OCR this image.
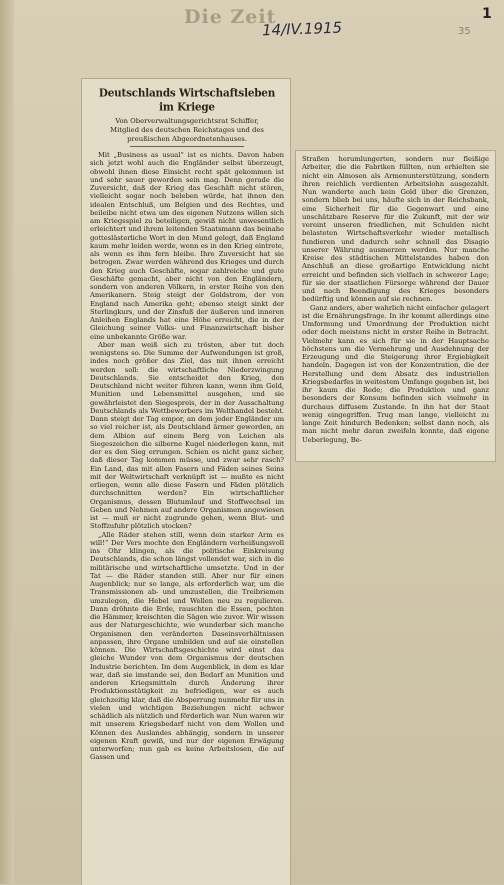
Die Zeit
14/IV.1915
1
35
Deutschlands Wirtschaftsleben im Kriege
Von Oberverwaltungsgerichtsrat Schiffer,
Mitglied des deutschen Reichstages und des preußischen Abgeordnetenhauses.

Mit „Business as usual“ ist es nichts. Davon haben sich jetzt wohl auch die Engländer selbst überzeugt, obwohl ihnen diese Einsicht recht spät gekommen ist und sehr sauer geworden sein mag. Denn gerade die Zuversicht, daß der Krieg das Geschäft nicht stören, vielleicht sogar noch beleben würde, hat ihnen den idealen Entschluß, um Belgien und des Rechtes, und beileibe nicht etwa um des eigenen Nutzens willen sich am Kriegsspiel zu beteiligen, gewiß nicht unwesentlich erleichtert und ihrem leitenden Staatsmann das beinahe gotteslästerliche Wort in den Mund gelegt, daß England kaum mehr leiden werde, wenn es in den Krieg eintrete, als wenn es ihm fern bleibe. Ihre Zuversicht hat sie betrogen. Zwar werden während des Krieges und durch den Krieg auch Geschäfte, sogar zahlreiche und gute Geschäfte gemacht, aber nicht von den Engländern, sondern von anderen Völkern, in erster Reihe von den Amerikanern. Steig steigt der Goldstrom, der von England nach Amerika geht; ebenso steigt sinkt der Sterlingkurs, und der Zinsfuß der äußeren und inneren Anleihen Englands hat eine Höhe erreicht, die in der Gleichung seiner Volks- und Finanzwirtschaft bisher eine unbekannte Größe war.

Aber man weiß sich zu trösten, aber tut doch wenigstens so. Die Summe der Aufwendungen ist groß, indes noch größer das Ziel, das mit ihnen erreicht werden soll: die wirtschaftliche Niederzwingung Deutschlands. Sie entscheidet den Krieg, den Deutschland nicht weiter führen kann, wenn ihm Geld, Munition und Lebensmittel ausgehen, und sie gewährleistet den Siegespreis, der in der Ausschaltung Deutschlands als Wettbewerbers im Welthandel besteht. Dann steigt der Tag empor, an dem jeder Engländer um so viel reicher ist, als Deutschland ärmer geworden, an dem Albion auf einem Berg von Leichen als Siegeszeichen die silberne Kugel niederlegen kann, mit der es den Sieg errungen. Schien es nicht ganz sicher, daß dieser Tag kommen müsse, und zwar sehr rasch? Ein Land, das mit allen Fasern und Fäden seines Seins mit der Weltwirtschaft verknüpft ist — mußte es nicht erliegen, wenn alle diese Fasern und Fäden plötzlich durchschnitten werden? Ein wirtschaftlicher Organismus, dessen Blutumlauf und Stoffwechsel im Geben und Nehmen auf andere Organismen angewiesen ist — muß er nicht zugrunde gehen, wenn Blut- und Stoffzufuhr plötzlich stocken?

„Alle Räder stehen still, wenn dein starker Arm es will!“ Der Vers mochte den Engländern verheißungsvoll ins Ohr klingen, als die politische Einkreisung Deutschlands, die schon längst vollendet war, sich in die militärische und wirtschaftliche umsetzte. Und in der Tat — die Räder standen still. Aber nur für einen Augenblick; nur so lange, als erforderlich war, um die Transmissionen ab- und umzustellen, die Treibriemen umzulegen, die Hebel und Wellen neu zu regulieren. Dann dröhnte die Erde, rauschten die Essen, pochten die Hämmer, kreischten die Sägen wie zuvor. Wir wissen aus der Naturgeschichte, wie wunderbar sich manche Organismen den veränderten Daseinsverhältnissen anpassen, ihre Organe umbilden und auf sie einstellen können. Die Wirtschaftsgeschichte wird einst das gleiche Wunder von dem Organismus der deutschen Industrie berichten. Im dem Augenblick, in dem es klar war, daß sie imstande sei, den Bedarf an Munition und anderen Kriegsmitteln durch Änderung ihrer Produktionsstätigkeit zu befriedigen, war es auch gleichzeitig klar, daß die Absperrung nunmehr für uns in vielen und wichtigen Beziehungen nicht schwer schädlich als nützlich und förderlich war. Nun waren wir mit unserem Kriegsbedarf nicht von dem Wollen und Können des Auslandes abhängig, sondern in unserer eigenen Kraft gewiß, und nur der eigenen Erwägung unterworfen; nun gab es keine Arbeitslosen, die auf Gassen und

Straßen herumlungerten, sondern nur fleißige Arbeiter, die die Fabriken füllten, nun erhielten sie nicht ein Almosen als Armenunterstützung, sondern ihren reichlich verdienten Arbeitslohn ausgezahlt. Nun wanderte auch kein Gold über die Grenzen, sondern blieb bei uns, häufte sich in der Reichsbank, eine Sicherheit für die Gegenwart und eine unschätzbare Reserve für die Zukunft, mit der wir vereint unseren friedlichen, mit Schulden nicht belasteten Wirtschaftsverkehr wieder metallisch fundieren und dadurch sehr schnell das Disagio unserer Währung ausmerzen werden. Nur manche Kreise des städtischen Mittelstandes haben den Anschluß an diese großartige Entwicklung nicht erreicht und befinden sich vielfach in schwerer Lage; für sie der staatlichen Fürsorge während der Dauer und nach Beendigung des Krieges besonders bedürftig und können auf sie rechnen.

Ganz anders, aber wahrlich nicht einfacher gelagert ist die Ernährungsfrage. In ihr kommt allerdings eine Umformung und Umordnung der Produktion nicht oder doch meistens nicht in erster Reihe in Betracht. Vielmehr kann es sich für sie in der Hauptsache höchstens um die Vermehrung und Ausdehnung der Erzeugung und die Steigerung ihrer Ergiebigkeit handeln. Dagegen ist von der Konzentration, die der Herstellung und dem Absatz des industriellen Kriegsbedarfes in weitestem Umfange gegeben ist, bei ihr kaum die Rede; die Produktion und ganz besonders der Konsum befinden sich vielmehr in durchaus diffusem Zustande. In ihn hat der Staat wenig eingegriffen. Trug man lange, vielleicht zu lange Zeit hindurch Bedenken; selbst dann noch, als man nicht mehr daran zweifeln konnte, daß eigene Ueberlegung, Be-
